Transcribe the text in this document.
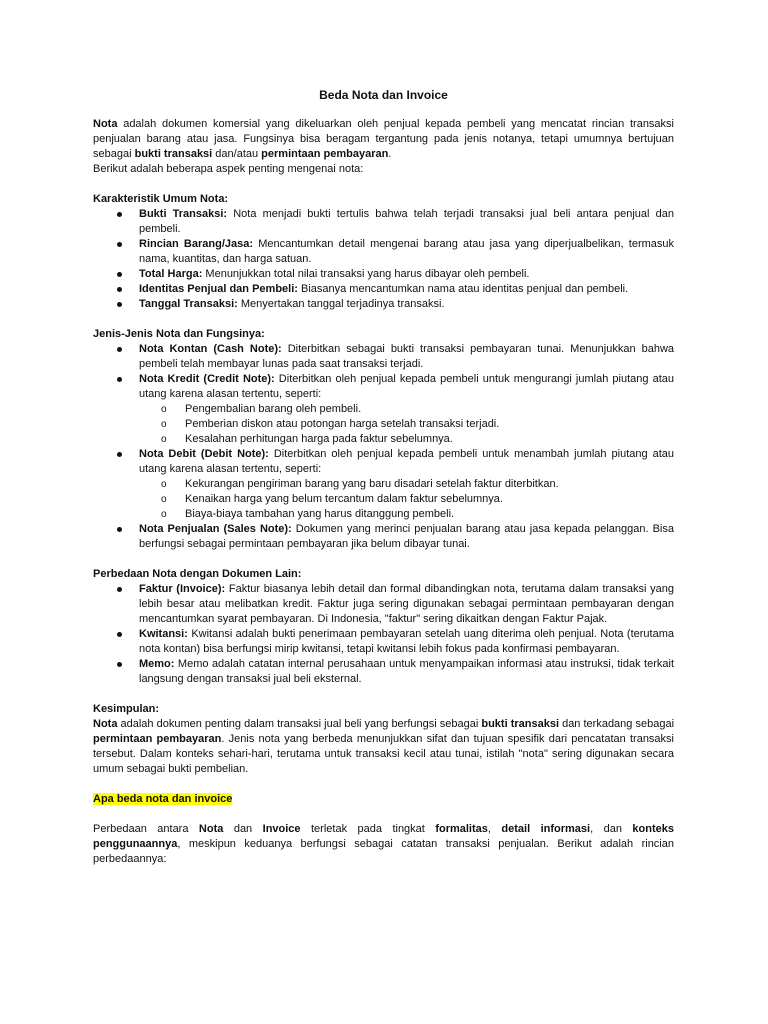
Beda Nota dan Invoice

Nota adalah dokumen komersial yang dikeluarkan oleh penjual kepada pembeli yang mencatat rincian transaksi penjualan barang atau jasa. Fungsinya bisa beragam tergantung pada jenis notanya, tetapi umumnya bertujuan sebagai bukti transaksi dan/atau permintaan pembayaran.

Berikut adalah beberapa aspek penting mengenai nota:

Karakteristik Umum Nota:

Bukti Transaksi: Nota menjadi bukti tertulis bahwa telah terjadi transaksi jual beli antara penjual dan pembeli.
Rincian Barang/Jasa: Mencantumkan detail mengenai barang atau jasa yang diperjualbelikan, termasuk nama, kuantitas, dan harga satuan.
Total Harga: Menunjukkan total nilai transaksi yang harus dibayar oleh pembeli.
Identitas Penjual dan Pembeli: Biasanya mencantumkan nama atau identitas penjual dan pembeli.
Tanggal Transaksi: Menyertakan tanggal terjadinya transaksi.

Jenis-Jenis Nota dan Fungsinya:

Nota Kontan (Cash Note): Diterbitkan sebagai bukti transaksi pembayaran tunai. Menunjukkan bahwa pembeli telah membayar lunas pada saat transaksi terjadi.
Nota Kredit (Credit Note): Diterbitkan oleh penjual kepada pembeli untuk mengurangi jumlah piutang atau utang karena alasan tertentu, seperti:
o Pengembalian barang oleh pembeli.
o Pemberian diskon atau potongan harga setelah transaksi terjadi.
o Kesalahan perhitungan harga pada faktur sebelumnya.
Nota Debit (Debit Note): Diterbitkan oleh penjual kepada pembeli untuk menambah jumlah piutang atau utang karena alasan tertentu, seperti:
o Kekurangan pengiriman barang yang baru disadari setelah faktur diterbitkan.
o Kenaikan harga yang belum tercantum dalam faktur sebelumnya.
o Biaya-biaya tambahan yang harus ditanggung pembeli.
Nota Penjualan (Sales Note): Dokumen yang merinci penjualan barang atau jasa kepada pelanggan. Bisa berfungsi sebagai permintaan pembayaran jika belum dibayar tunai.

Perbedaan Nota dengan Dokumen Lain:

Faktur (Invoice): Faktur biasanya lebih detail dan formal dibandingkan nota, terutama dalam transaksi yang lebih besar atau melibatkan kredit. Faktur juga sering digunakan sebagai permintaan pembayaran dengan mencantumkan syarat pembayaran. Di Indonesia, "faktur" sering dikaitkan dengan Faktur Pajak.
Kwitansi: Kwitansi adalah bukti penerimaan pembayaran setelah uang diterima oleh penjual. Nota (terutama nota kontan) bisa berfungsi mirip kwitansi, tetapi kwitansi lebih fokus pada konfirmasi pembayaran.
Memo: Memo adalah catatan internal perusahaan untuk menyampaikan informasi atau instruksi, tidak terkait langsung dengan transaksi jual beli eksternal.

Kesimpulan:

Nota adalah dokumen penting dalam transaksi jual beli yang berfungsi sebagai bukti transaksi dan terkadang sebagai permintaan pembayaran. Jenis nota yang berbeda menunjukkan sifat dan tujuan spesifik dari pencatatan transaksi tersebut. Dalam konteks sehari-hari, terutama untuk transaksi kecil atau tunai, istilah "nota" sering digunakan secara umum sebagai bukti pembelian.

Apa beda nota dan invoice

Perbedaan antara Nota dan Invoice terletak pada tingkat formalitas, detail informasi, dan konteks penggunaannya, meskipun keduanya berfungsi sebagai catatan transaksi penjualan. Berikut adalah rincian perbedaannya:
